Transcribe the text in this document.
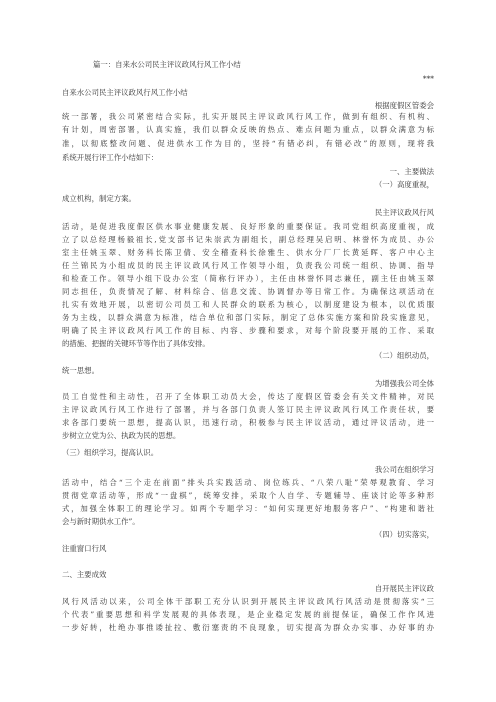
篇一：自来水公司民主评议政风行风工作小结
***
自来水公司民主评议政风行风工作小结
根据度假区管委会
统一部署，我公司紧密结合实际，扎实开展民主评议政风行风工作，做到有组织、有机构、
有计划，周密部署，认真实施，我们以群众反映的热点、难点问题为重点，以群众满意为标
准，以彻底整改问题、促进供水工作为目的，坚持“有错必纠，有错必改”的原则，现将我
系统开展行评工作小结如下：
一、主要做法
（一）高度重视，
成立机构，制定方案。
民主评议政风行风
活动，是促进我度假区供水事业健康发展、良好形象的重要保证。我司党组织高度重视，成
立了以总经理杨毅祖长,党支部书记朱崇武为副组长，副总经理吴启明、林誉怀为成员、办公
室主任姚玉翠、财务科长陈卫倩、安全稽查科长徐雅生、供水分厂厂长黄延晖、客户中心主
任兰锦民为小组成员的民主评议政风行风工作领导小组，负责我公司统一组织、协调、指导
和检查工作。领导小组下设办公室（简称行评办），主任由林誉怀同志兼任，副主任由姚玉翠
同志担任，负责情况了解、材料综合、信息交流、协调督办等日常工作。为确保这项活动在
扎实有效地开展，以密切公司员工和人民群众的联系为核心，以制度建设为根本，以优质服
务为主线，以群众满意为标准，结合单位和部门实际，制定了总体实施方案和阶段实施意见，
明确了民主评议政风行风工作的目标、内容、步骤和要求，对每个阶段要开展的工作、采取
的措施、把握的关键环节等作出了具体安排。
（二）组织动员，
统一思想。
为增强我公司全体
员工自觉性和主动性，召开了全体职工动员大会，传达了度假区管委会有关文件精神，对民
主评议政风行风工作进行了部署，并与各部门负责人签订民主评议政风行风工作责任状，要
求各部门要统一思想，提高认识，迅速行动，积极参与民主评议活动，通过评议活动，进一
步树立立党为公、执政为民的思想。
（三）组织学习，提高认识。
我公司在组织学习
活动中，结合“三个走在前面”排头兵实践活动、岗位练兵、“八荣八耻”荣辱观教育、学习
贯彻党章活动等，形成“一盘棋”，统筹安排，采取个人自学、专题辅导、座谈讨论等多种形
式，加强全体职工的理论学习。如两个专题学习：“如何实现更好地服务客户”、“构建和谐社
会与新时期供水工作”。
（四）切实落实，
注重窗口行风
二、主要成效
自开展民主评议政
风行风活动以来，公司全体干部职工充分认识到开展民主评议政风行风活动是贯彻落实“三
个代表”重要思想和科学发展观的具体表现，是企业稳定发展的前提保证，确保工作作风进
一步好转，杜绝办事推诿扯拉、敷衍塞责的不良现象，切实提高为群众办实事、办好事的办
